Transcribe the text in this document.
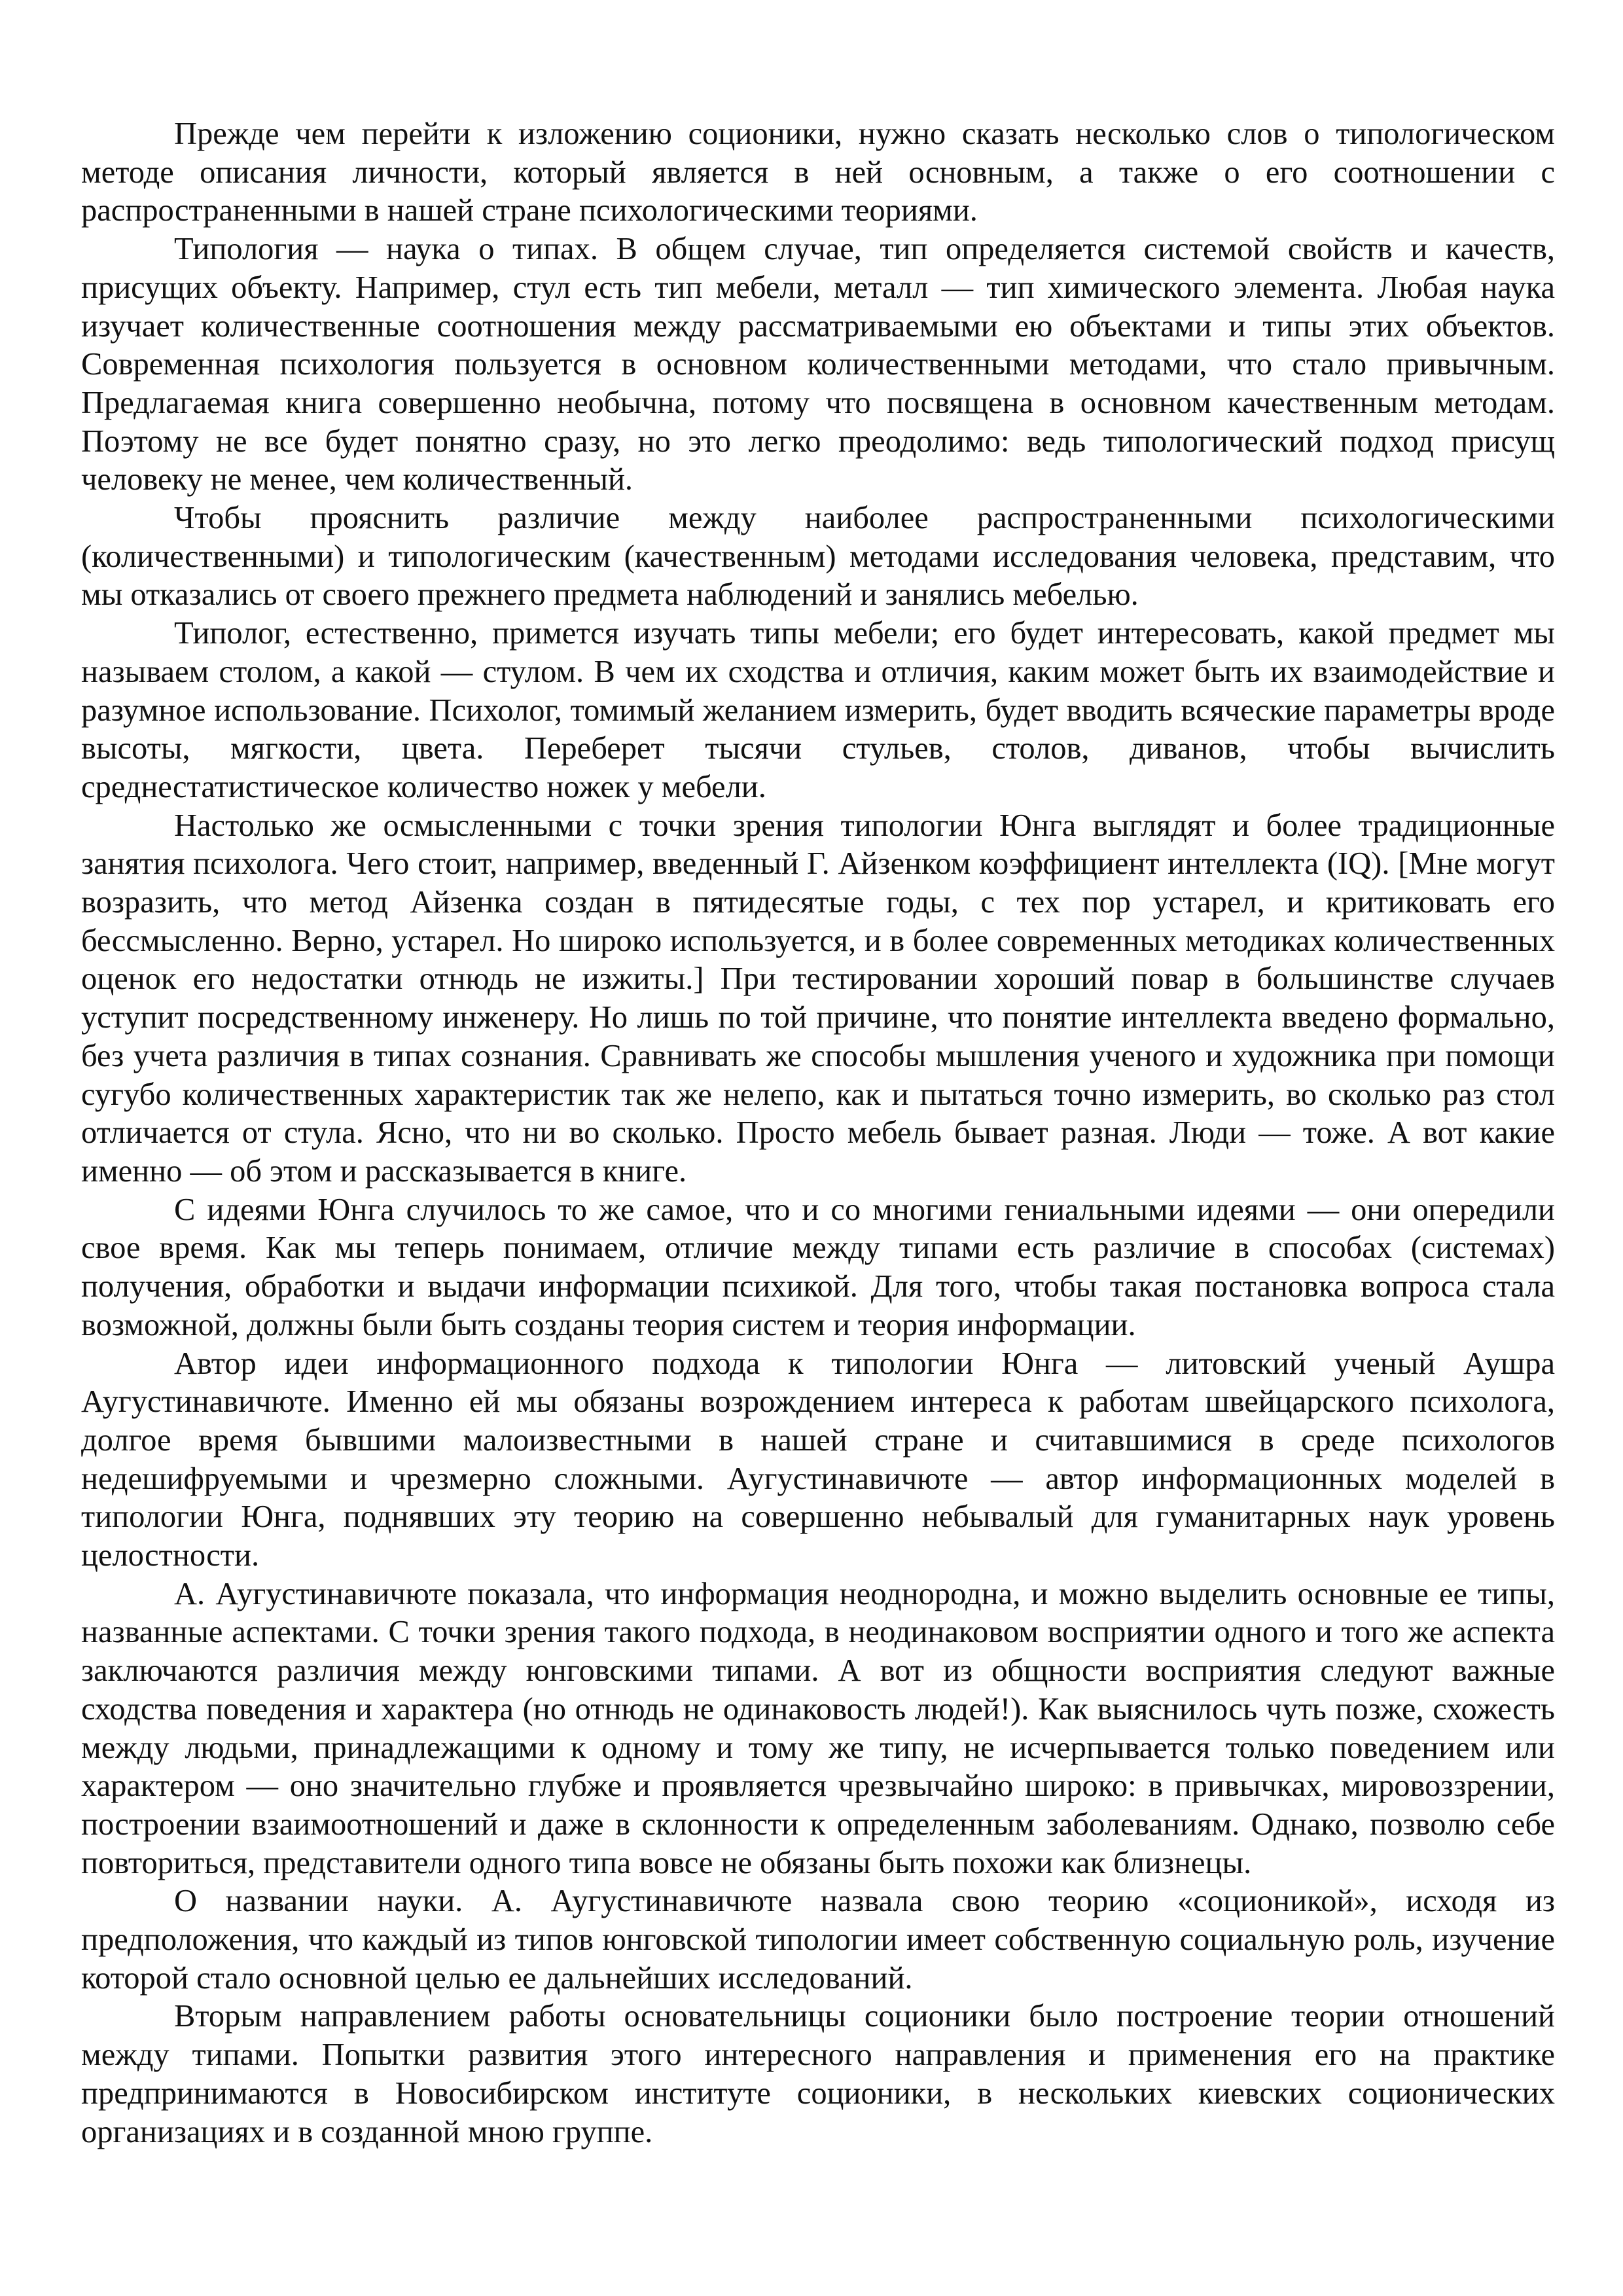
Прежде чем перейти к изложению соционики, нужно сказать несколько слов о типологическом методе описания личности, который является в ней основным, а также о его соотношении с распространенными в нашей стране психологическими теориями.

Типология — наука о типах. В общем случае, тип определяется системой свойств и качеств, присущих объекту. Например, стул есть тип мебели, металл — тип химического элемента. Любая наука изучает количественные соотношения между рассматриваемыми ею объектами и типы этих объектов. Современная психология пользуется в основном количественными методами, что стало привычным. Предлагаемая книга совершенно необычна, потому что посвящена в основном качественным методам. Поэтому не все будет понятно сразу, но это легко преодолимо: ведь типологический подход присущ человеку не менее, чем количественный.

Чтобы прояснить различие между наиболее распространенными психологическими (количественными) и типологическим (качественным) методами исследования человека, представим, что мы отказались от своего прежнего предмета наблюдений и занялись мебелью.

Типолог, естественно, примется изучать типы мебели; его будет интересовать, какой предмет мы называем столом, а какой — стулом. В чем их сходства и отличия, каким может быть их взаимодействие и разумное использование. Психолог, томимый желанием измерить, будет вводить всяческие параметры вроде высоты, мягкости, цвета. Переберет тысячи стульев, столов, диванов, чтобы вычислить среднестатистическое количество ножек у мебели.

Настолько же осмысленными с точки зрения типологии Юнга выглядят и более традиционные занятия психолога. Чего стоит, например, введенный Г. Айзенком коэффициент интеллекта (IQ). [Мне могут возразить, что метод Айзенка создан в пятидесятые годы, с тех пор устарел, и критиковать его бессмысленно. Верно, устарел. Но широко используется, и в более современных методиках количественных оценок его недостатки отнюдь не изжиты.] При тестировании хороший повар в большинстве случаев уступит посредственному инженеру. Но лишь по той причине, что понятие интеллекта введено формально, без учета различия в типах сознания. Сравнивать же способы мышления ученого и художника при помощи сугубо количественных характеристик так же нелепо, как и пытаться точно измерить, во сколько раз стол отличается от стула. Ясно, что ни во сколько. Просто мебель бывает разная. Люди — тоже. А вот какие именно — об этом и рассказывается в книге.

С идеями Юнга случилось то же самое, что и со многими гениальными идеями — они опередили свое время. Как мы теперь понимаем, отличие между типами есть различие в способах (системах) получения, обработки и выдачи информации психикой. Для того, чтобы такая постановка вопроса стала возможной, должны были быть созданы теория систем и теория информации.

Автор идеи информационного подхода к типологии Юнга — литовский ученый Аушра Аугустинавичюте. Именно ей мы обязаны возрождением интереса к работам швейцарского психолога, долгое время бывшими малоизвестными в нашей стране и считавшимися в среде психологов недешифруемыми и чрезмерно сложными. Аугустинавичюте — автор информационных моделей в типологии Юнга, поднявших эту теорию на совершенно небывалый для гуманитарных наук уровень целостности.

А. Аугустинавичюте показала, что информация неоднородна, и можно выделить основные ее типы, названные аспектами. С точки зрения такого подхода, в неодинаковом восприятии одного и того же аспекта заключаются различия между юнговскими типами. А вот из общности восприятия следуют важные сходства поведения и характера (но отнюдь не одинаковость людей!). Как выяснилось чуть позже, схожесть между людьми, принадлежащими к одному и тому же типу, не исчерпывается только поведением или характером — оно значительно глубже и проявляется чрезвычайно широко: в привычках, мировоззрении, построении взаимоотношений и даже в склонности к определенным заболеваниям. Однако, позволю себе повториться, представители одного типа вовсе не обязаны быть похожи как близнецы.

О названии науки. А. Аугустинавичюте назвала свою теорию «соционикой», исходя из предположения, что каждый из типов юнговской типологии имеет собственную социальную роль, изучение которой стало основной целью ее дальнейших исследований.

Вторым направлением работы основательницы соционики было построение теории отношений между типами. Попытки развития этого интересного направления и применения его на практике предпринимаются в Новосибирском институте соционики, в нескольких киевских соционических организациях и в созданной мною группе.
